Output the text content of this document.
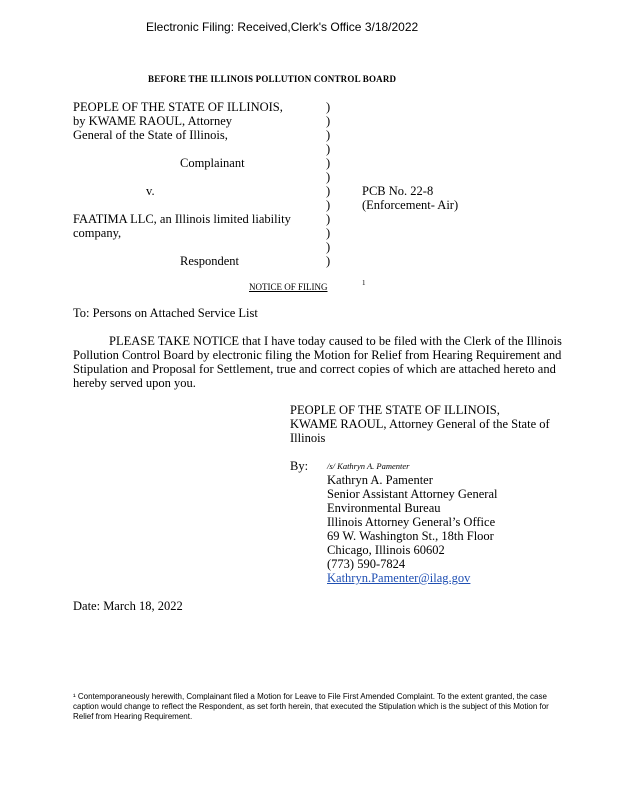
Electronic Filing: Received,Clerk's Office 3/18/2022
BEFORE THE ILLINOIS POLLUTION CONTROL BOARD
PEOPLE OF THE STATE OF ILLINOIS,
by KWAME RAOUL, Attorney
General of the State of Illinois,
Complainant
v.
)
)
)
)
)
)
)
)
)
)
)
)
PCB No. 22-8
(Enforcement- Air)
FAATIMA LLC, an Illinois limited liability
company,
Respondent
NOTICE OF FILING	1
To: Persons on Attached Service List
PLEASE TAKE NOTICE that I have today caused to be filed with the Clerk of the Illinois
Pollution Control Board by electronic filing the Motion for Relief from Hearing Requirement and
Stipulation and Proposal for Settlement, true and correct copies of which are attached hereto and
hereby served upon you.
PEOPLE OF THE STATE OF ILLINOIS,
KWAME RAOUL, Attorney General of the State of
Illinois
By: /s/ Kathryn A. Pamenter
Kathryn A. Pamenter
Senior Assistant Attorney General
Environmental Bureau
Illinois Attorney General’s Office
69 W. Washington St., 18th Floor
Chicago, Illinois 60602
(773) 590-7824
Kathryn.Pamenter@ilag.gov
Date: March 18, 2022
¹ Contemporaneously herewith, Complainant filed a Motion for Leave to File First Amended Complaint. To the extent granted, the case caption would change to reflect the Respondent, as set forth herein, that executed the Stipulation which is the subject of this Motion for Relief from Hearing Requirement.
